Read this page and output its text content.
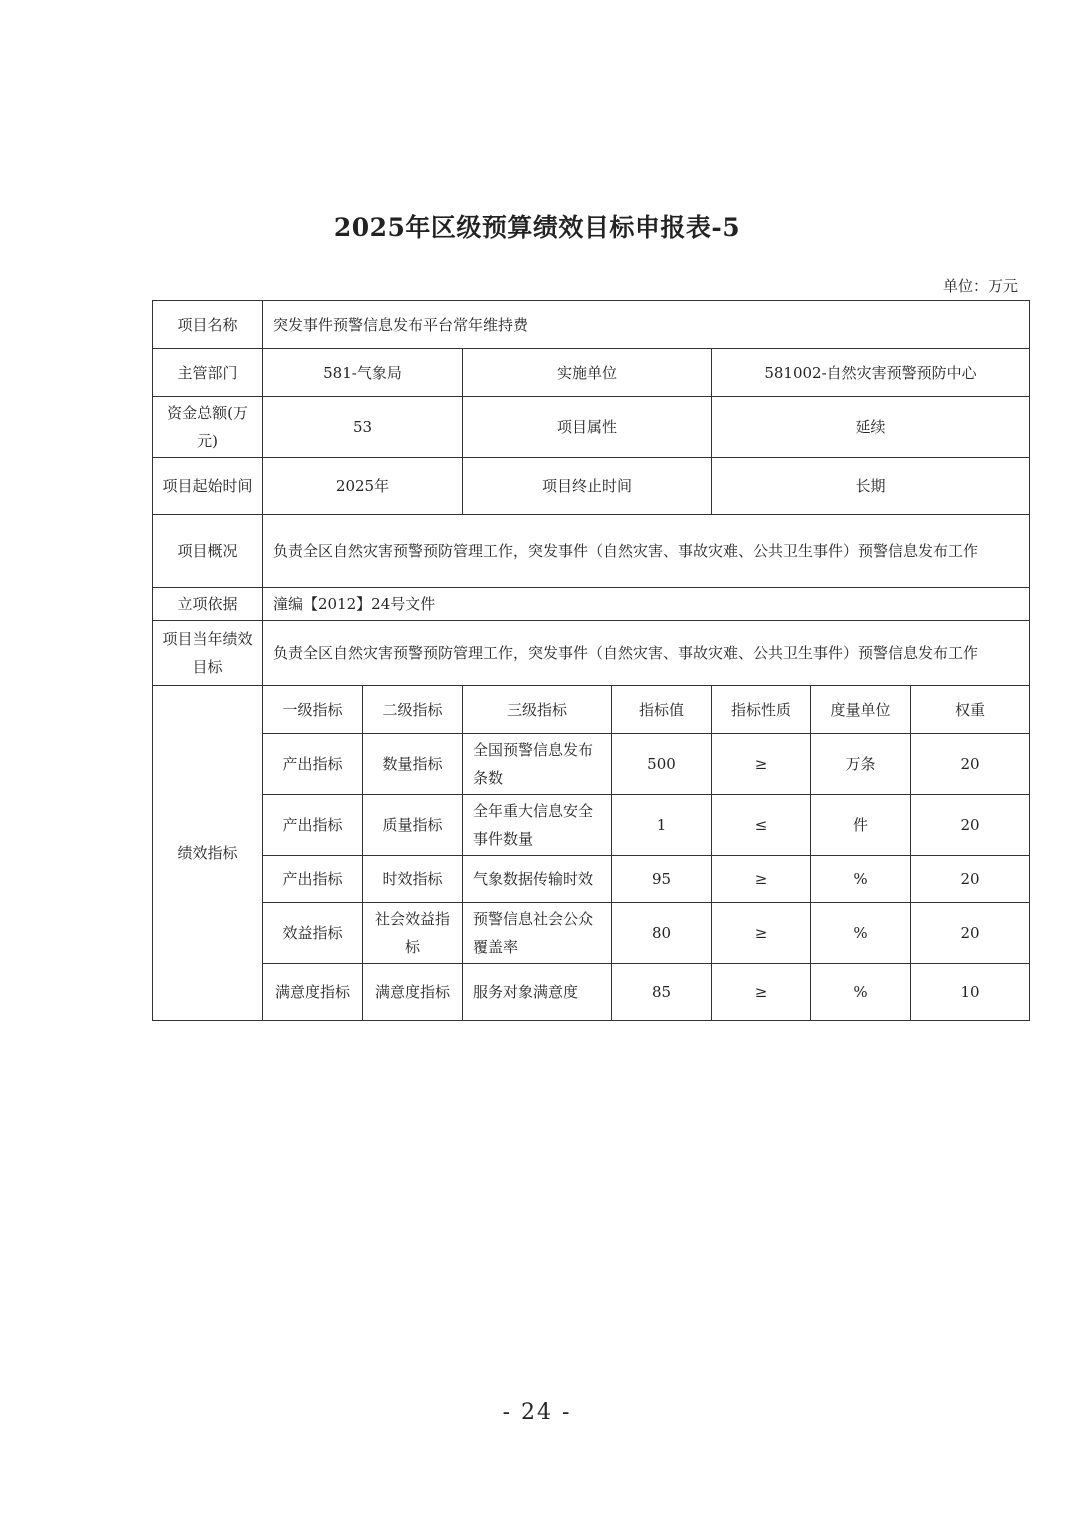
2025年区级预算绩效目标申报表-5
单位：万元
项目名称	突发事件预警信息发布平台常年维持费						
主管部门	581-气象局		实施单位		581002-自然灾害预警预防中心		
资金总额(万元)	53		项目属性		延续		
项目起始时间	2025年		项目终止时间		长期		
项目概况	负责全区自然灾害预警预防管理工作，突发事件（自然灾害、事故灾难、公共卫生事件）预警信息发布工作						
立项依据	潼编【2012】24号文件						
项目当年绩效目标	负责全区自然灾害预警预防管理工作，突发事件（自然灾害、事故灾难、公共卫生事件）预警信息发布工作						
绩效指标	一级指标	二级指标	三级指标	指标值	指标性质	度量单位	权重
	产出指标	数量指标	全国预警信息发布条数	500	≥	万条	20
	产出指标	质量指标	全年重大信息安全事件数量	1	≤	件	20
	产出指标	时效指标	气象数据传输时效	95	≥	%	20
	效益指标	社会效益指标	预警信息社会公众覆盖率	80	≥	%	20
	满意度指标	满意度指标	服务对象满意度	85	≥	%	10
- 24 -
